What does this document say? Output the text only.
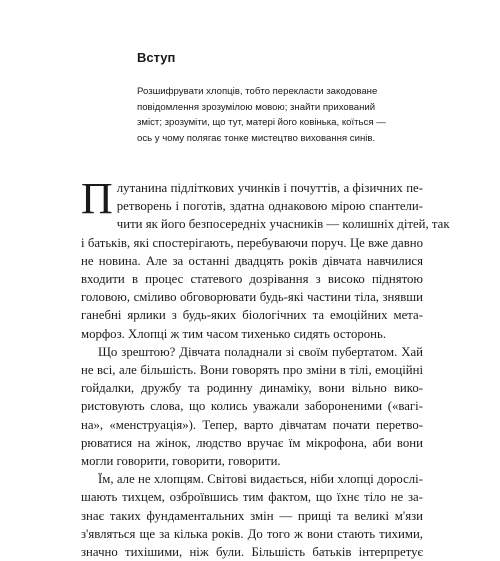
Вступ

Розшифрувати хлопців, тобто перекласти закодоване
повідомлення зрозумілою мовою; знайти прихований
зміст; зрозуміти, що тут, матері його ковінька, коїться —
ось у чому полягає тонке мистецтво виховання синів.

П лутанина підліткових учинків і почуттів, а фізичних пе-
ретворень і поготів, здатна однаковою мірою спантели-
чити як його безпосередніх учасників — колишніх дітей, так
і батьків, які спостерігають, перебуваючи поруч. Це вже давно
не новина. Але за останні двадцять років дівчата навчилися
входити в процес статевого дозрівання з високо піднятою
головою, сміливо обговорювати будь-які частини тіла, знявши
ганебні ярлики з будь-яких біологічних та емоційних мета-
морфоз. Хлопці ж тим часом тихенько сидять осторонь.
Що зрештою? Дівчата поладнали зі своїм пубертатом. Хай
не всі, але більшість. Вони говорять про зміни в тілі, емоційні
гойдалки, дружбу та родинну динаміку, вони вільно вико-
ристовують слова, що колись уважали забороненими («вагі-
на», «менструація»). Тепер, варто дівчатам почати перетво-
рюватися на жінок, людство вручає їм мікрофона, аби вони
могли говорити, говорити, говорити.
Їм, але не хлопцям. Світові видається, ніби хлопці дорослі-
шають тихцем, озброївшись тим фактом, що їхнє тіло не за-
знає таких фундаментальних змін — прищі та великі м'язи
з'являться ще за кілька років. До того ж вони стають тихими,
значно тихішими, ніж були. Більшість батьків інтерпретує
